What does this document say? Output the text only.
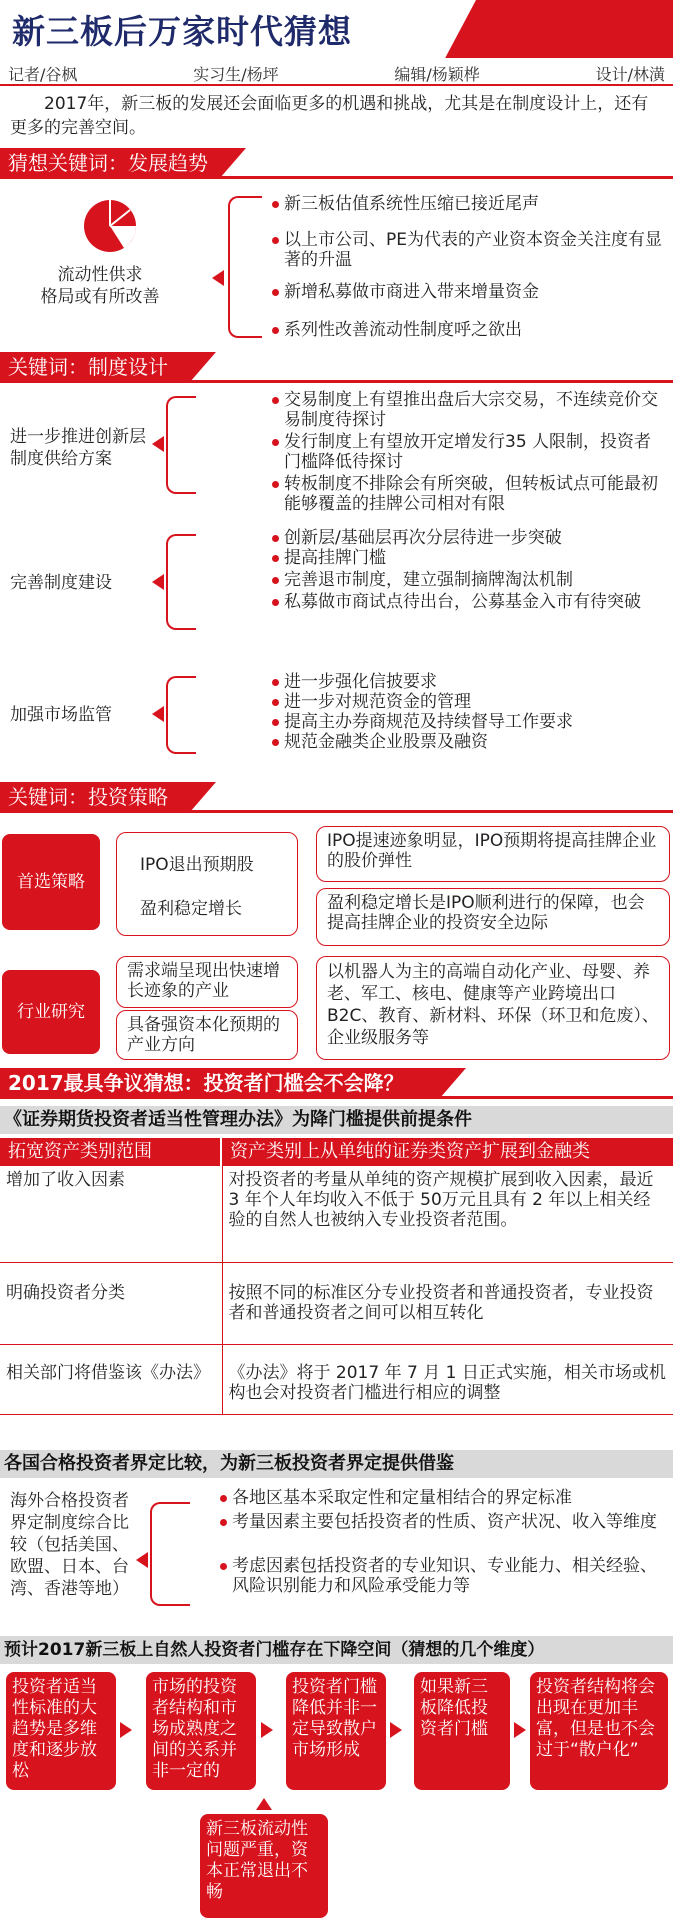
新三板后万家时代猜想
记者/谷枫	实习生/杨坪	编辑/杨颖桦	设计/林潢
2017年，新三板的发展还会面临更多的机遇和挑战，尤其是在制度设计上，还有更多的完善空间。
猜想关键词：发展趋势
流动性供求
格局或有所改善
新三板估值系统性压缩已接近尾声
以上市公司、PE为代表的产业资本资金关注度有显著的升温
新增私募做市商进入带来增量资金
系列性改善流动性制度呼之欲出
关键词：制度设计
进一步推进创新层制度供给方案
交易制度上有望推出盘后大宗交易，不连续竞价交易制度待探讨
发行制度上有望放开定增发行35 人限制，投资者门槛降低待探讨
转板制度不排除会有所突破，但转板试点可能最初能够覆盖的挂牌公司相对有限
完善制度建设
创新层/基础层再次分层待进一步突破
提高挂牌门槛
完善退市制度，建立强制摘牌淘汰机制
私募做市商试点待出台，公募基金入市有待突破
加强市场监管
进一步强化信披要求
进一步对规范资金的管理
提高主办券商规范及持续督导工作要求
规范金融类企业股票及融资
关键词：投资策略
首选策略
IPO退出预期股
盈利稳定增长
IPO提速迹象明显，IPO预期将提高挂牌企业的股价弹性
盈利稳定增长是IPO顺利进行的保障，也会提高挂牌企业的投资安全边际
行业研究
需求端呈现出快速增长迹象的产业
具备强资本化预期的产业方向
以机器人为主的高端自动化产业、母婴、养老、军工、核电、健康等产业跨境出口B2C、教育、新材料、环保（环卫和危废）、企业级服务等
2017最具争议猜想：投资者门槛会不会降？
《证券期货投资者适当性管理办法》为降门槛提供前提条件
拓宽资产类别范围	资产类别上从单纯的证券类资产扩展到金融类
增加了收入因素	对投资者的考量从单纯的资产规模扩展到收入因素，最近 3 年个人年均收入不低于 50万元且具有 2 年以上相关经验的自然人也被纳入专业投资者范围。
明确投资者分类	按照不同的标准区分专业投资者和普通投资者，专业投资者和普通投资者之间可以相互转化
相关部门将借鉴该《办法》	《办法》将于 2017 年 7 月 1 日正式实施，相关市场或机构也会对投资者门槛进行相应的调整
各国合格投资者界定比较，为新三板投资者界定提供借鉴
海外合格投资者界定制度综合比较（包括美国、欧盟、日本、台湾、香港等地）
各地区基本采取定性和定量相结合的界定标准
考量因素主要包括投资者的性质、资产状况、收入等维度
考虑因素包括投资者的专业知识、专业能力、相关经验、风险识别能力和风险承受能力等
预计2017新三板上自然人投资者门槛存在下降空间（猜想的几个维度）
投资者适当性标准的大趋势是多维度和逐步放松
市场的投资者结构和市场成熟度之间的关系并非一定的
投资者门槛降低并非一定导致散户市场形成
如果新三板降低投资者门槛
投资者结构将会出现在更加丰富，但是也不会过于“散户化”
新三板流动性问题严重，资本正常退出不畅
